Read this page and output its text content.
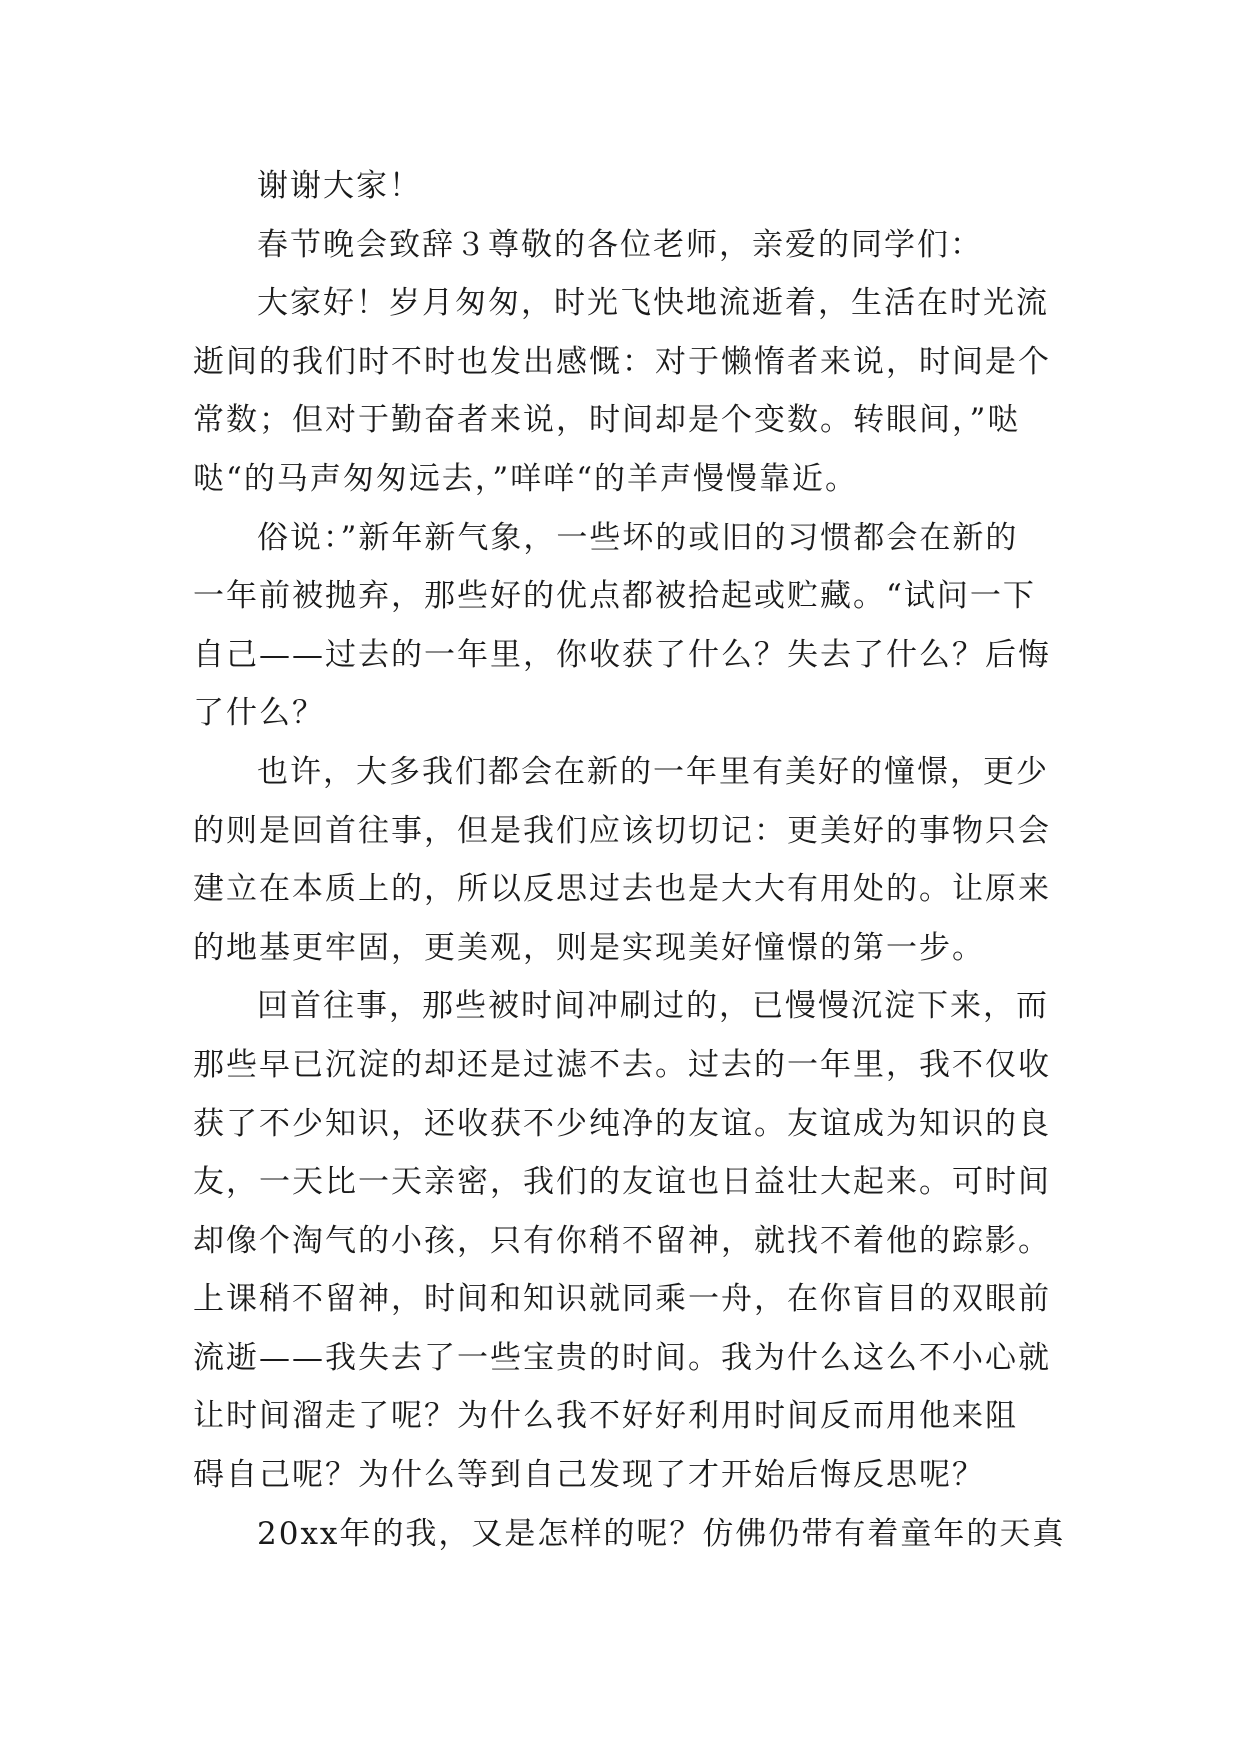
谢谢大家！
春节晚会致辞３尊敬的各位老师，亲爱的同学们：
大家好！岁月匆匆，时光飞快地流逝着，生活在时光流
逝间的我们时不时也发出感慨：对于懒惰者来说，时间是个
常数；但对于勤奋者来说，时间却是个变数。转眼间，”哒
哒“的马声匆匆远去，”咩咩“的羊声慢慢靠近。
俗说：”新年新气象，一些坏的或旧的习惯都会在新的
一年前被抛弃，那些好的优点都被拾起或贮藏。“试问一下
自己——过去的一年里，你收获了什么？失去了什么？后悔
了什么？
也许，大多我们都会在新的一年里有美好的憧憬，更少
的则是回首往事，但是我们应该切切记：更美好的事物只会
建立在本质上的，所以反思过去也是大大有用处的。让原来
的地基更牢固，更美观，则是实现美好憧憬的第一步。
回首往事，那些被时间冲刷过的，已慢慢沉淀下来，而
那些早已沉淀的却还是过滤不去。过去的一年里，我不仅收
获了不少知识，还收获不少纯净的友谊。友谊成为知识的良
友，一天比一天亲密，我们的友谊也日益壮大起来。可时间
却像个淘气的小孩，只有你稍不留神，就找不着他的踪影。
上课稍不留神，时间和知识就同乘一舟，在你盲目的双眼前
流逝——我失去了一些宝贵的时间。我为什么这么不小心就
让时间溜走了呢？为什么我不好好利用时间反而用他来阻
碍自己呢？为什么等到自己发现了才开始后悔反思呢？
20xx年的我，又是怎样的呢？仿佛仍带有着童年的天真
